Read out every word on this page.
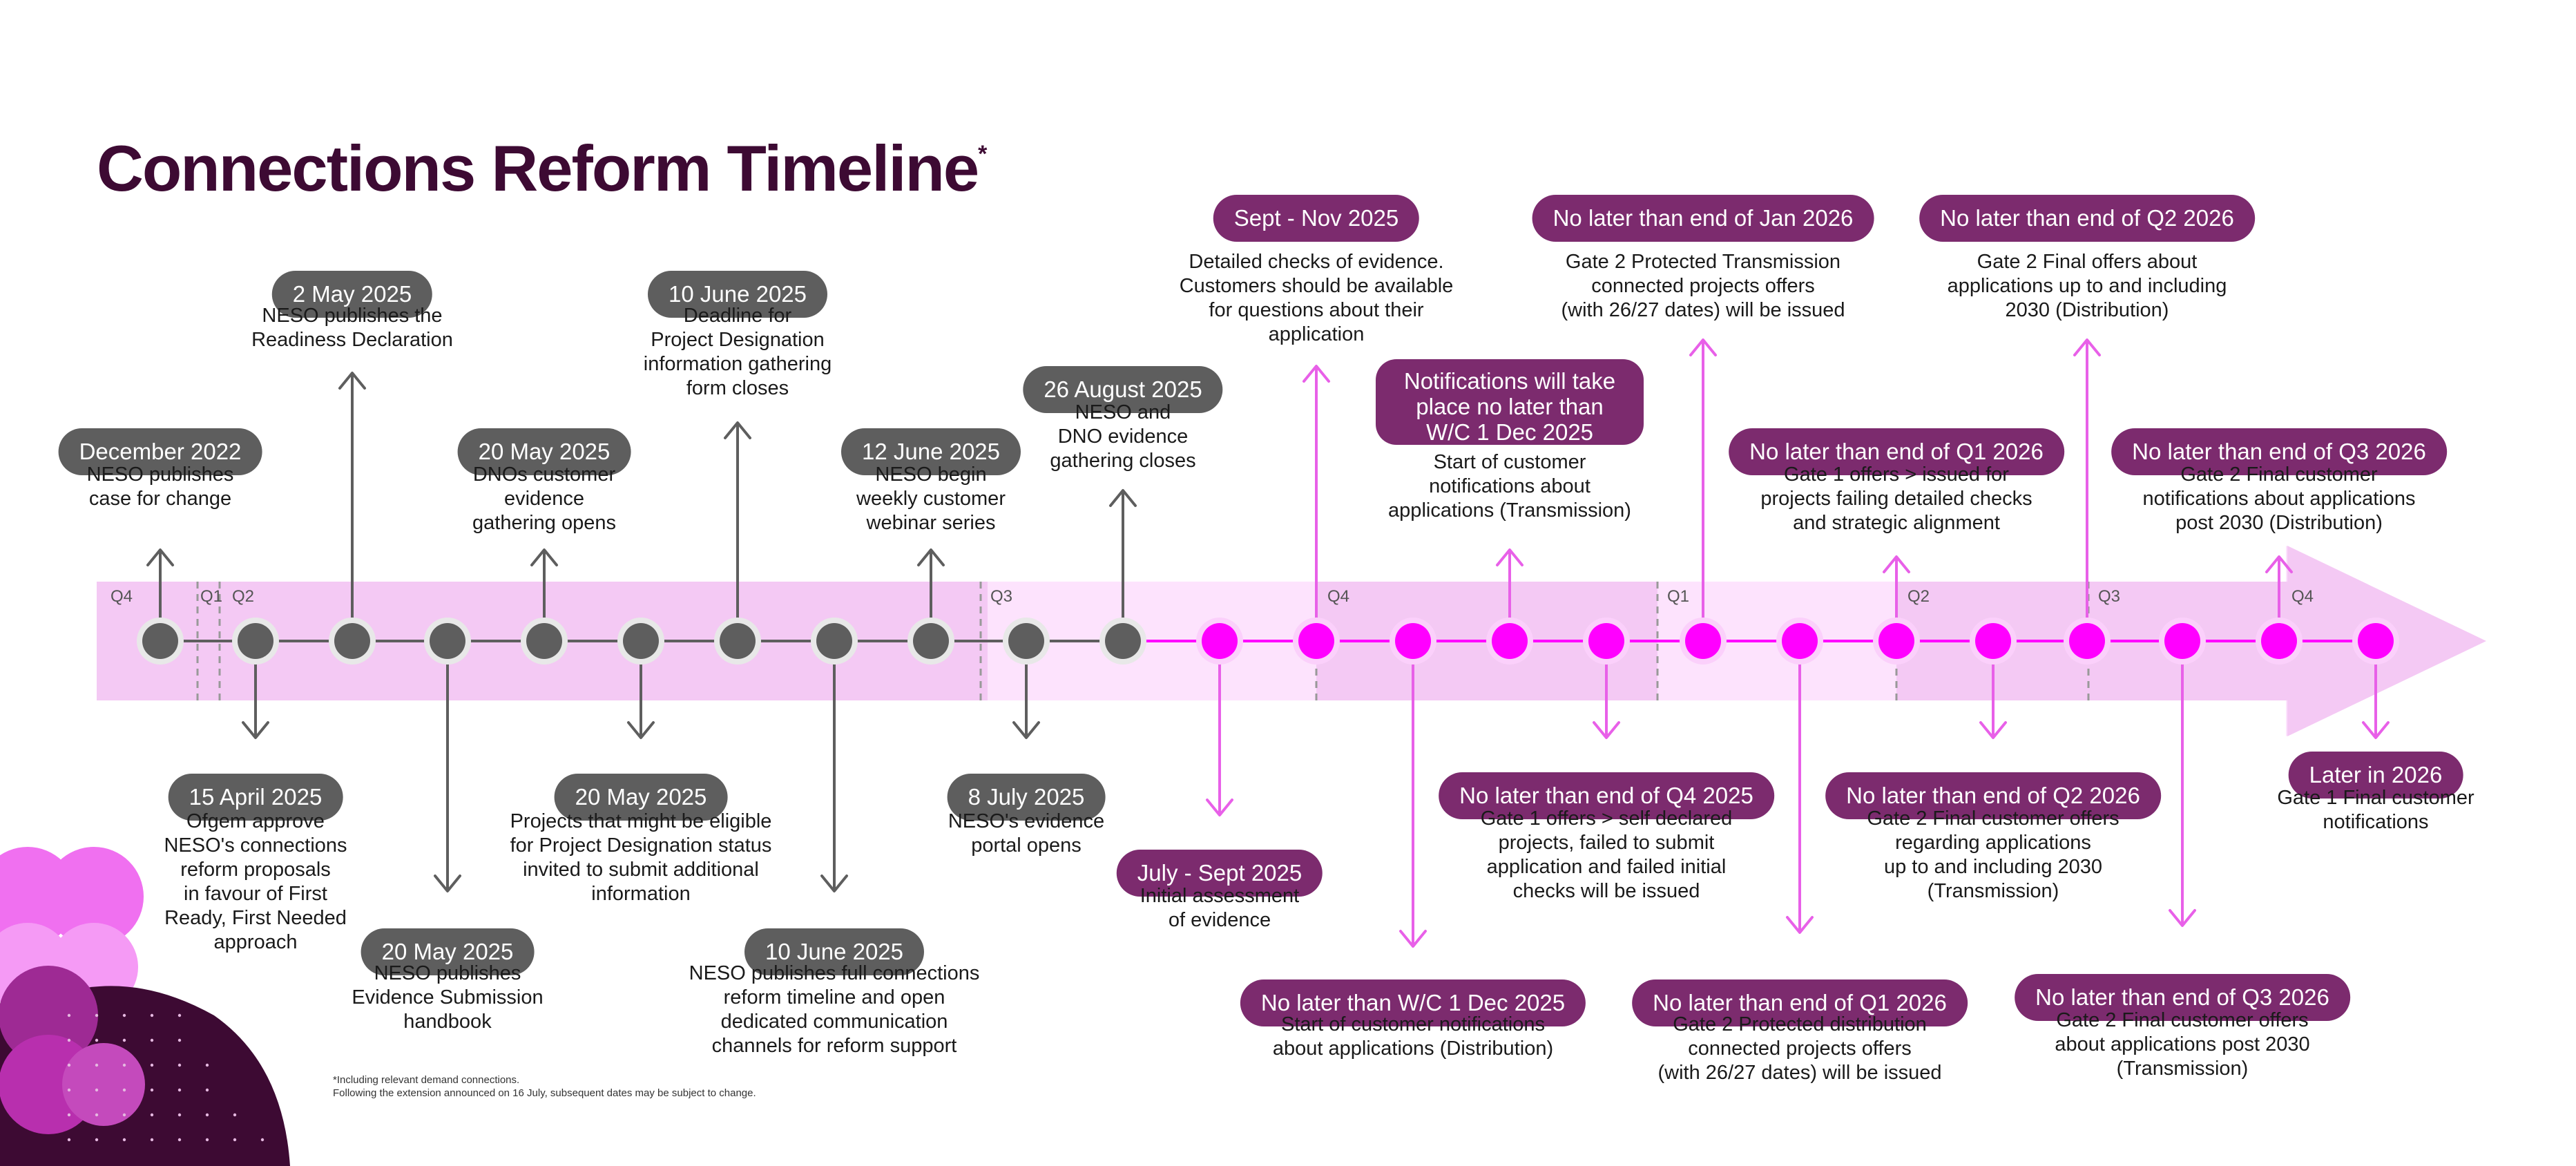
Connections Reform Timeline*
December 2022
NESO publishes
case for change
15 April 2025
Ofgem approve
NESO's connections
reform proposals
in favour of First
Ready, First Needed
approach
2 May 2025
NESO publishes the
Readiness Declaration
20 May 2025
NESO publishes
Evidence Submission
handbook
20 May 2025
DNOs customer
evidence
gathering opens
20 May 2025
Projects that might be eligible
for Project Designation status
invited to submit additional
information
10 June 2025
Deadline for
Project Designation
information gathering
form closes
10 June 2025
NESO publishes full connections
reform timeline and open
dedicated communication
channels for reform support
12 June 2025
NESO begin
weekly customer
webinar series
8 July 2025
NESO's evidence
portal opens
26 August 2025
NESO and
DNO evidence
gathering closes
July - Sept 2025
Initial assessment
of evidence
Sept - Nov 2025
Detailed checks of evidence.
Customers should be available
for questions about their
application
No later than W/C 1 Dec 2025
Start of customer notifications
about applications (Distribution)
Notifications will take place no later than W/C 1 Dec 2025
Start of customer
notifications about
applications (Transmission)
No later than end of Q4 2025
Gate 1 offers > self declared
projects, failed to submit
application and failed initial
checks will be issued
No later than end of Jan 2026
Gate 2 Protected Transmission
connected projects offers
(with 26/27 dates) will be issued
No later than end of Q1 2026
Gate 2 Protected distribution
connected projects offers
(with 26/27 dates) will be issued
No later than end of Q1 2026
Gate 1 offers > issued for
projects failing detailed checks
and strategic alignment
No later than end of Q2 2026
Gate 2 Final customer offers
regarding applications
up to and including 2030
(Transmission)
No later than end of Q2 2026
Gate 2 Final offers about
applications up to and including
2030 (Distribution)
No later than end of Q3 2026
Gate 2 Final customer offers
about applications post 2030
(Transmission)
No later than end of Q3 2026
Gate 2 Final customer
notifications about applications
post 2030 (Distribution)
Later in 2026
Gate 1 Final customer
notifications
Q4	Q1 Q2	Q3	Q4	Q1	Q2	Q3	Q4
*Including relevant demand connections.
Following the extension announced on 16 July, subsequent dates may be subject to change.
